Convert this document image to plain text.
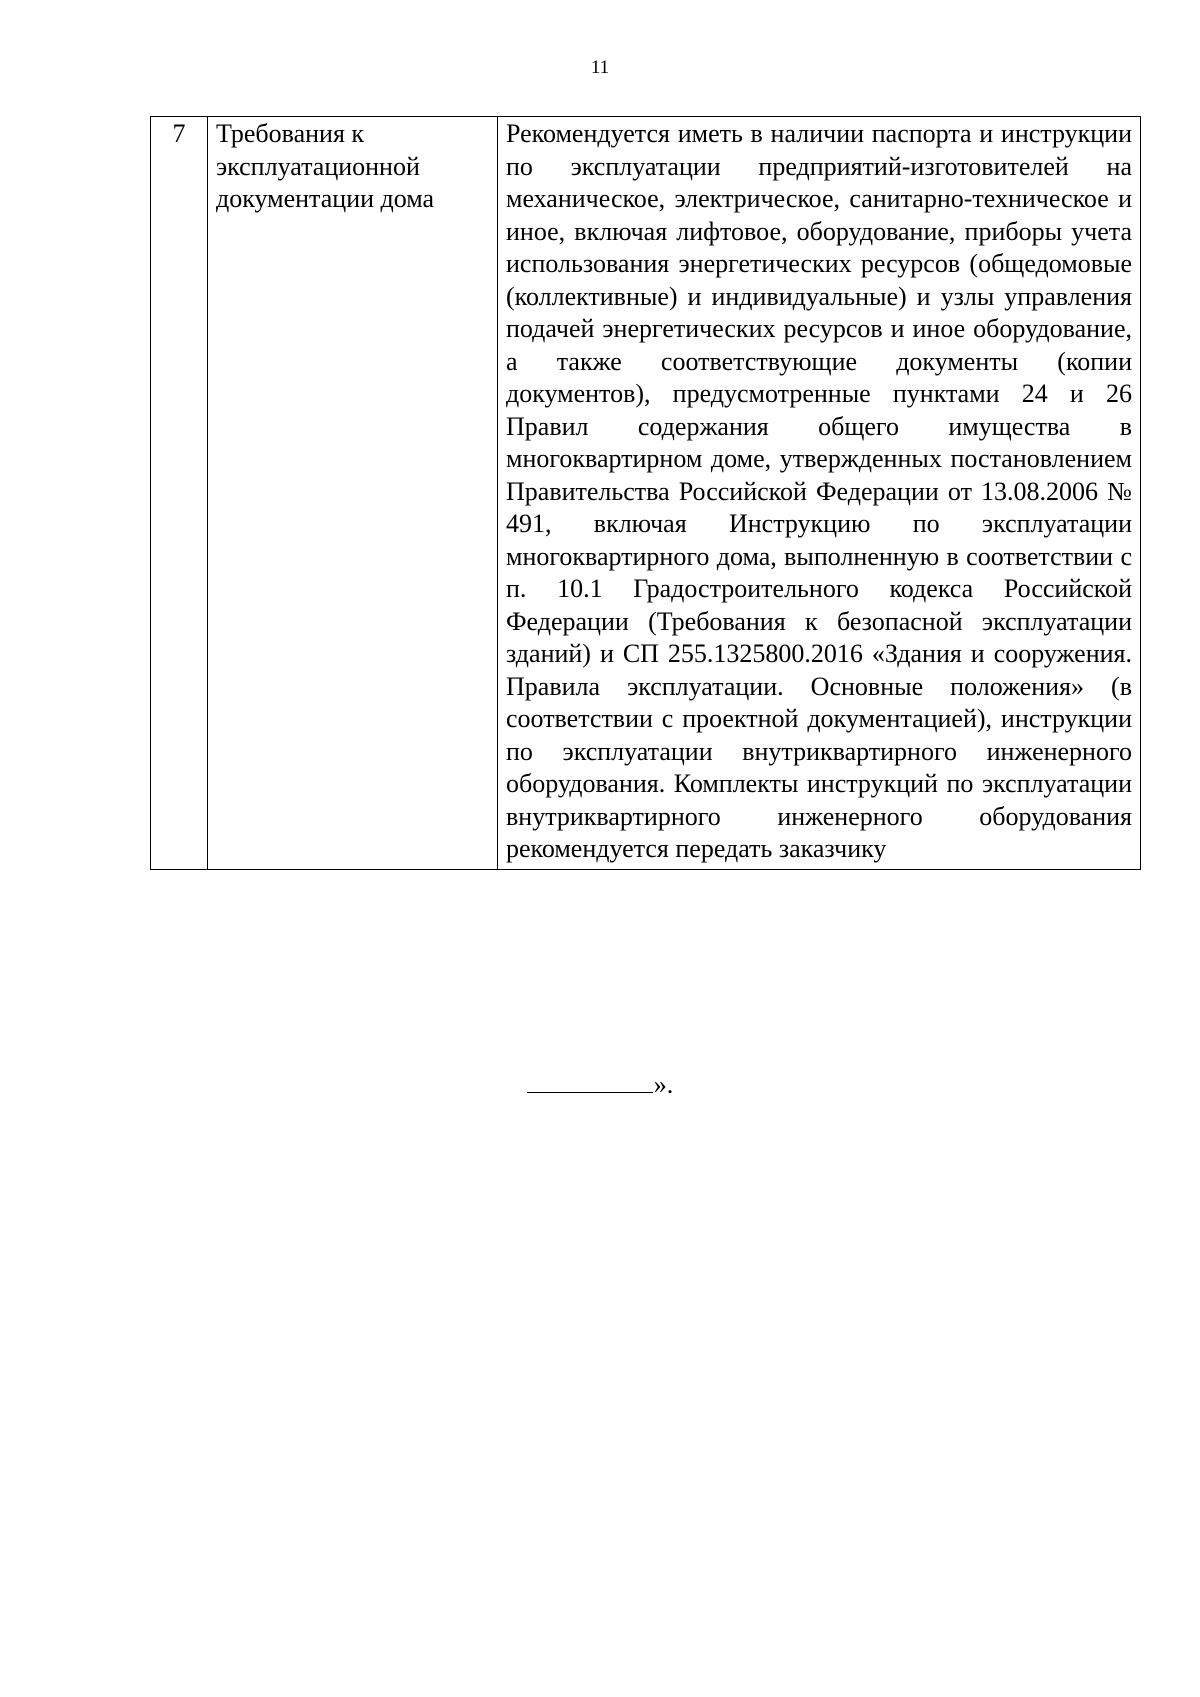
11
7	Требования к эксплуатационной документации дома	Рекомендуется иметь в наличии паспорта и инструкции по эксплуатации предприятий-изготовителей на механическое, электрическое, санитарно-техническое и иное, включая лифтовое, оборудование, приборы учета использования энергетических ресурсов (общедомовые (коллективные) и индивидуальные) и узлы управления подачей энергетических ресурсов и иное оборудование, а также соответствующие документы (копии документов), предусмотренные пунктами 24 и 26 Правил содержания общего имущества в многоквартирном доме, утвержденных постановлением Правительства Российской Федерации от 13.08.2006 № 491, включая Инструкцию по эксплуатации многоквартирного дома, выполненную в соответствии с п. 10.1 Градостроительного кодекса Российской Федерации (Требования к безопасной эксплуатации зданий) и СП 255.1325800.2016 «Здания и сооружения. Правила эксплуатации. Основные положения» (в соответствии с проектной документацией), инструкции по эксплуатации внутриквартирного инженерного оборудования. Комплекты инструкций по эксплуатации внутриквартирного инженерного оборудования рекомендуется передать заказчику
».
